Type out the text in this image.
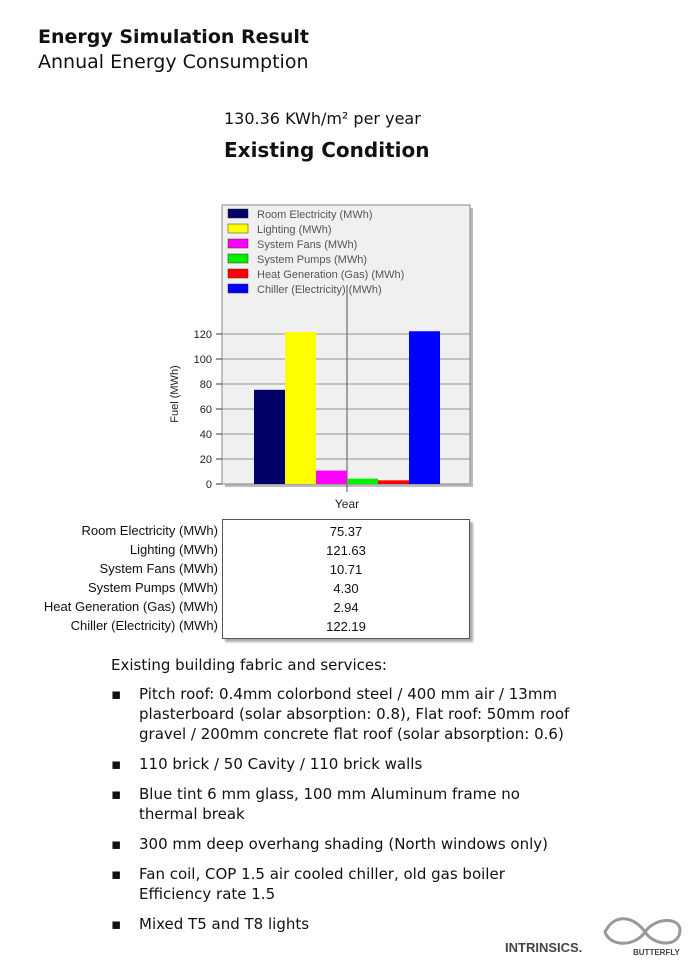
Energy Simulation Result
Annual Energy Consumption
130.36 KWh/m² per year
Existing Condition
0
20
40
60
80
100
120
Room Electricity (MWh)
Lighting (MWh)
System Fans (MWh)
System Pumps (MWh)
Heat Generation (Gas) (MWh)
Chiller (Electricity) (MWh)
Year
Fuel (MWh)
Room Electricity (MWh)
Lighting (MWh)
System Fans (MWh)
System Pumps (MWh)
Heat Generation (Gas) (MWh)
Chiller (Electricity) (MWh)
75.37
121.63
10.71
4.30
2.94
122.19
Existing building fabric and services:
▪ Pitch roof: 0.4mm colorbond steel / 400 mm air / 13mm plasterboard (solar absorption: 0.8), Flat roof: 50mm roof gravel / 200mm concrete flat roof (solar absorption: 0.6)
▪ 110 brick / 50 Cavity / 110 brick walls
▪ Blue tint 6 mm glass, 100 mm Aluminum frame no thermal break
▪ 300 mm deep overhang shading (North windows only)
▪ Fan coil, COP 1.5 air cooled chiller, old gas boiler Efficiency rate 1.5
▪ Mixed T5 and T8 lights
INTRINSICS.	BUTTERFLY
